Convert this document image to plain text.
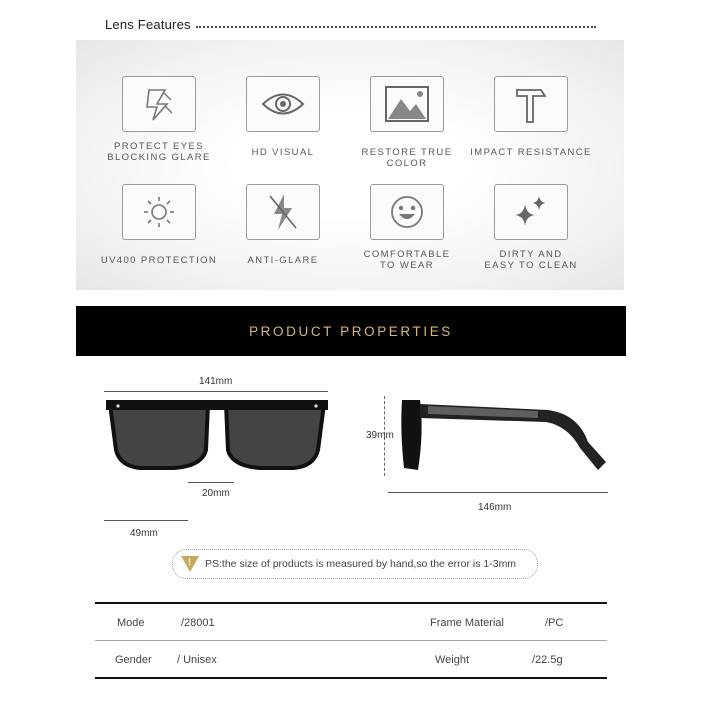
Lens Features
PROTECT EYES
BLOCKING GLARE	HD VISUAL	RESTORE TRUE COLOR
IMPACT RESISTANCE
UV400 PROTECTION	ANTI-GLARE
COMFORTABLE
TO WEAR
DIRTY AND
EASY TO CLEAN
PRODUCT PROPERTIES
141mm
20mm
49mm
39mm
146mm
! PS:the size of products is measured by hand,so the error is 1-3mm
Mode	/28001	Frame Material	/PC
Gender / Unisex	Weight	/22.5g
